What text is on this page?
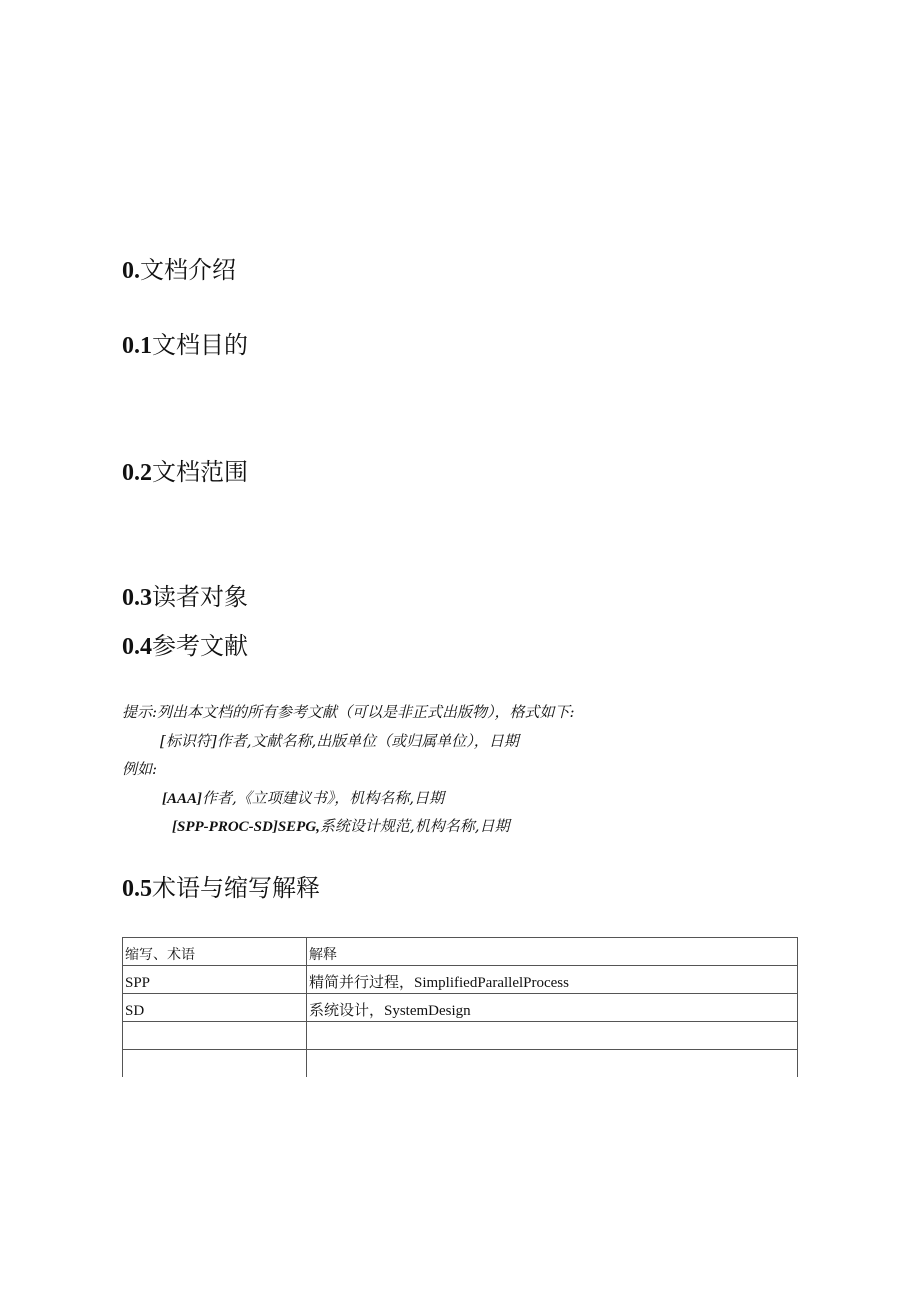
0.文档介绍
0.1文档目的
0.2文档范围
0.3读者对象
0.4参考文献
提示:列出本文档的所有参考文献（可以是非正式出版物），格式如下:
[标识符]作者,文献名称,出版单位（或归属单位），日期
例如:
[AAA]作者,《立项建议书》，机构名称,日期
[SPP-PROC-SD]SEPG,系统设计规范,机构名称,日期
0.5术语与缩写解释
缩写、术语	解释
SPP	精简并行过程，SimplifiedParallelProcess
SD	系统设计，SystemDesign
